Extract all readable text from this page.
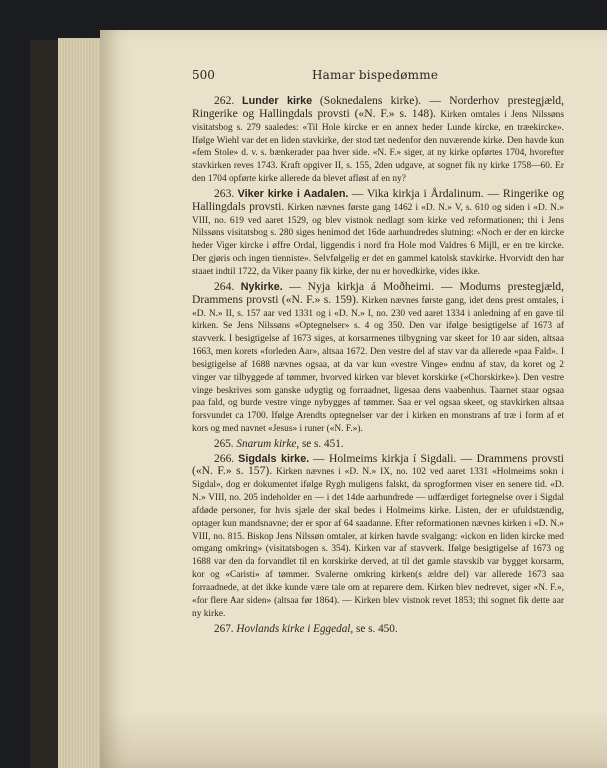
500	Hamar bispedømme

262. Lunder kirke (Soknedalens kirke). — Norderhov prestegjæld, Ringerike og Hallingdals provsti («N. F.» s. 148). Kirken omtales i Jens Nilssøns visitatsbog s. 279 saaledes: «Til Hole kircke er en annex heder Lunde kircke, en træekircke». Ifølge Wiehl var det en liden stavkirke, der stod tæt nedenfor den nuværende kirke. Den havde kun «fem Stole» d. v. s. bænkerader paa hver side. «N. F.» siger, at ny kirke opførtes 1704, hvorefter stavkirken reves 1743. Kraft opgiver II, s. 155, 2den udgave, at sognet fik ny kirke 1758—60. Er den 1704 opførte kirke allerede da blevet afløst af en ny?

263. Viker kirke i Aadalen. — Vika kirkja i Årdalinum. — Ringerike og Hallingdals provsti. Kirken nævnes første gang 1462 i «D. N.» V, s. 610 og siden i «D. N.» VIII, no. 619 ved aaret 1529, og blev vistnok nedlagt som kirke ved reformationen; thi i Jens Nilssøns visitatsbog s. 280 siges henimod det 16de aarhundredes slutning: «Noch er der en kircke heder Viger kircke i øffre Ordal, liggendis i nord fra Hole mod Valdres 6 Mijll, er en tre kircke. Der gjøris och ingen tienniste». Selvfølgelig er det en gammel katolsk stavkirke. Hvorvidt den har staaet indtil 1722, da Viker paany fik kirke, der nu er hovedkirke, vides ikke.

264. Nykirke. — Nyja kirkja á Moðheimi. — Modums prestegjæld, Drammens provsti («N. F.» s. 159). Kirken nævnes første gang, idet dens prest omtales, i «D. N.» II, s. 157 aar ved 1331 og i «D. N.» I, no. 230 ved aaret 1334 i anledning af en gave til kirken. Se Jens Nilssøns «Optegnelser» s. 4 og 350. Den var ifølge besigtigelse af 1673 af stavverk. I besigtigelse af 1673 siges, at korsarmenes tilbygning var skeet for 10 aar siden, altsaa 1663, men korets «forleden Aar», altsaa 1672. Den vestre del af stav var da allerede «paa Fald». I besigtigelse af 1688 nævnes ogsaa, at da var kun «vestre Vinge» endnu af stav, da koret og 2 vinger var tilbyggede af tømmer, hvorved kirken var blevet korskirke («Chorskirke»). Den vestre vinge beskrives som ganske udygtig og forraadnet, ligesaa dens vaabenhus. Taarnet staar ogsaa paa fald, og burde vestre vinge nybygges af tømmer. Saa er vel ogsaa skeet, og stavkirken altsaa forsvundet ca 1700. Ifølge Arendts optegnelser var der i kirken en monstrans af træ i form af et kors og med navnet «Jesus» i runer («N. F.»).

265. Snarum kirke, se s. 451.

266. Sigdals kirke. — Holmeims kirkja í Sigdali. — Drammens provsti («N. F.» s. 157). Kirken nævnes i «D. N.» IX, no. 102 ved aaret 1331 «Holmeims sokn i Sigdal», dog er dokumentet ifølge Rygh muligens falskt, da sprogformen viser en senere tid. «D. N.» VIII, no. 205 indeholder en — i det 14de aarhundrede — udfærdiget fortegnelse over i Sigdal afdøde personer, for hvis sjæle der skal bedes i Holmeims kirke. Listen, der er ufuldstændig, optager kun mandsnavne; der er spor af 64 saadanne. Efter reformationen nævnes kirken i «D. N.» VIII, no. 815. Biskop Jens Nilssøn omtaler, at kirken havde svalgang: «ickon en liden kircke med omgang omkring» (visitatsbogen s. 354). Kirken var af stavverk. Ifølge besigtigelse af 1673 og 1688 var den da forvandlet til en korskirke derved, at til det gamle stavskib var bygget korsarm, kor og «Caristi» af tømmer. Svalerne omkring kirken(s ældre del) var allerede 1673 saa forraadnede, at det ikke kunde være tale om at reparere dem. Kirken blev nedrevet, siger «N. F.», «for flere Aar siden» (altsaa før 1864). — Kirken blev vistnok revet 1853; thi sognet fik dette aar ny kirke.

267. Hovlands kirke i Eggedal, se s. 450.
